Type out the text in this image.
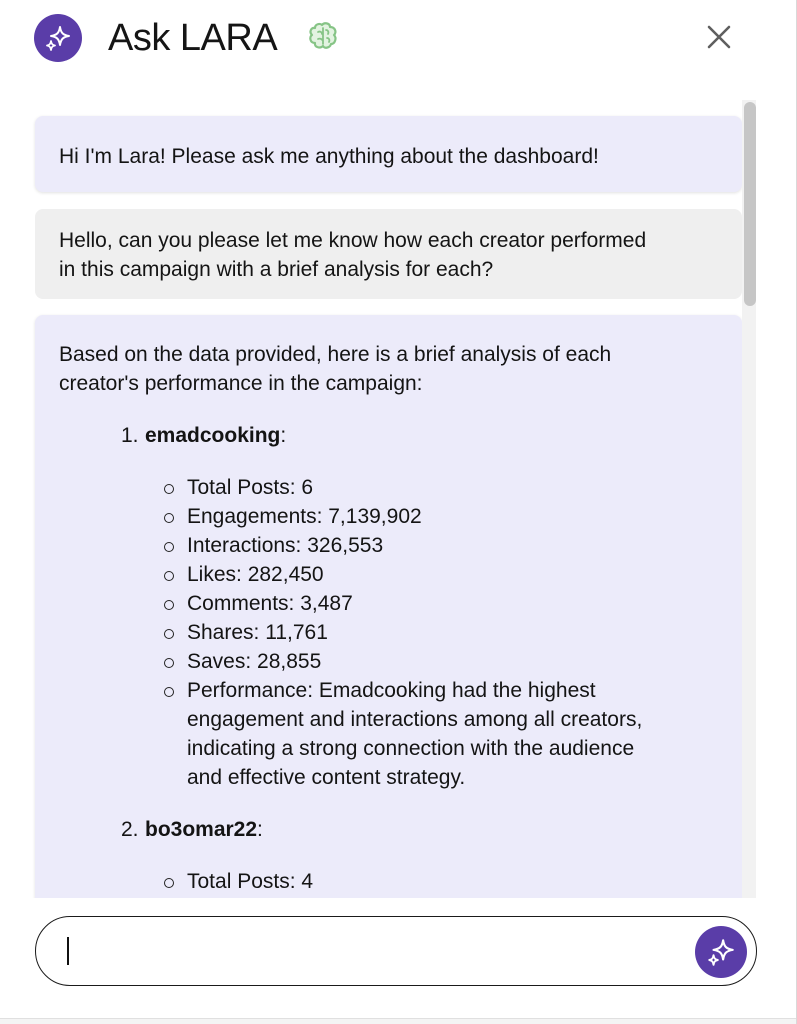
Ask LARA
Hi I'm Lara! Please ask me anything about the dashboard!
Hello, can you please let me know how each creator performed
in this campaign with a brief analysis for each?
Based on the data provided, here is a brief analysis of each
creator's performance in the campaign:
1. emadcooking :
Total Posts: 6
Engagements: 7,139,902
Interactions: 326,553
Likes: 282,450
Comments: 3,487
Shares: 11,761
Saves: 28,855
Performance: Emadcooking had the highest
engagement and interactions among all creators,
indicating a strong connection with the audience
and effective content strategy.
2. bo3omar22 :
Total Posts: 4
